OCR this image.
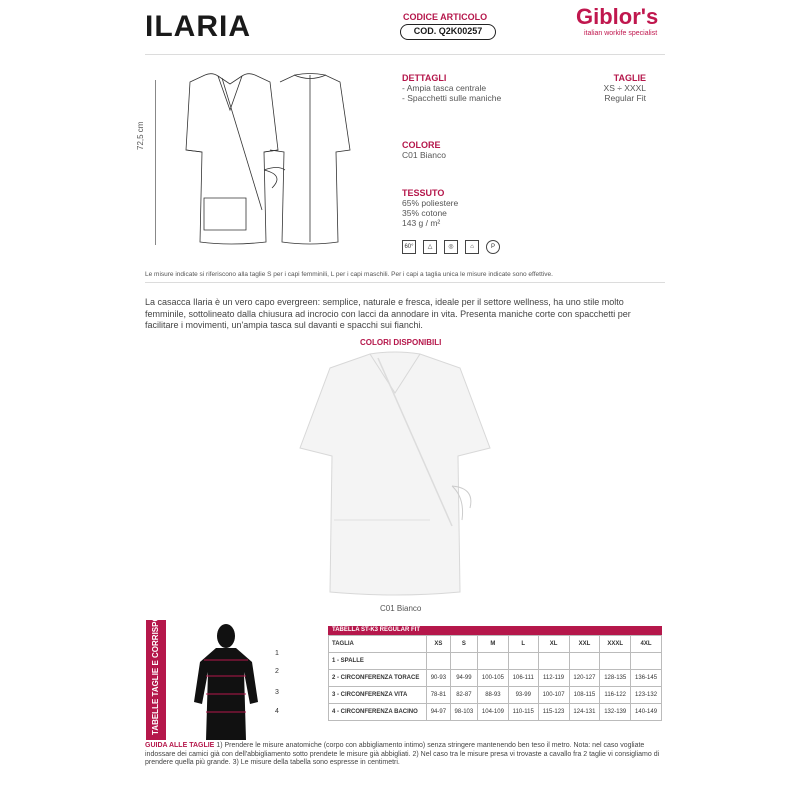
ILARIA	CODICE ARTICOLO
COD. Q2K00257
Giblor's
italian workife specialist
72,5 cm
DETTAGLI
- Ampia tasca centrale
- Spacchetti sulle maniche
TAGLIE
XS ÷ XXXL
Regular Fit
COLORE
C01 Bianco
TESSUTO
65% poliestere
35% cotone
143 g / m²
60°	△	◎	⌂	P
Le misure indicate si riferiscono alla taglie S per i capi femminili, L per i capi maschili. Per i capi a taglia unica le misure indicate sono effettive.
La casacca Ilaria è un vero capo evergreen: semplice, naturale e fresca, ideale per il settore wellness, ha uno stile molto femminile, sottolineato dalla chiusura ad incrocio con lacci da annodare in vita. Presenta maniche corte con spacchetti per facilitare i movimenti, un'ampia tasca sul davanti e spacchi sui fianchi.
COLORI DISPONIBILI
C01 Bianco
TABELLE TAGLIE E CORRISPONDENZE	1
2
3
4
TABELLA ST-K3 REGULAR FIT
TAGLIA	XS	S	M	L	XL	XXL	XXXL	4XL
1 - SPALLE								
2 - CIRCONFERENZA TORACE	90-93	94-99	100-105	106-111	112-119	120-127	128-135	136-145
3 - CIRCONFERENZA VITA	78-81	82-87	88-93	93-99	100-107	108-115	116-122	123-132
4 - CIRCONFERENZA BACINO	94-97	98-103	104-109	110-115	115-123	124-131	132-139	140-149
GUIDA ALLE TAGLIE 1) Prendere le misure anatomiche (corpo con abbigliamento intimo) senza stringere mantenendo ben teso il metro. Nota: nel caso vogliate indossare dei camici già con dell'abbigliamento sotto prendete le misure già abbigliati. 2) Nel caso tra le misure presa vi trovaste a cavallo fra 2 taglie vi consigliamo di prendere quella più grande. 3) Le misure della tabella sono espresse in centimetri.
